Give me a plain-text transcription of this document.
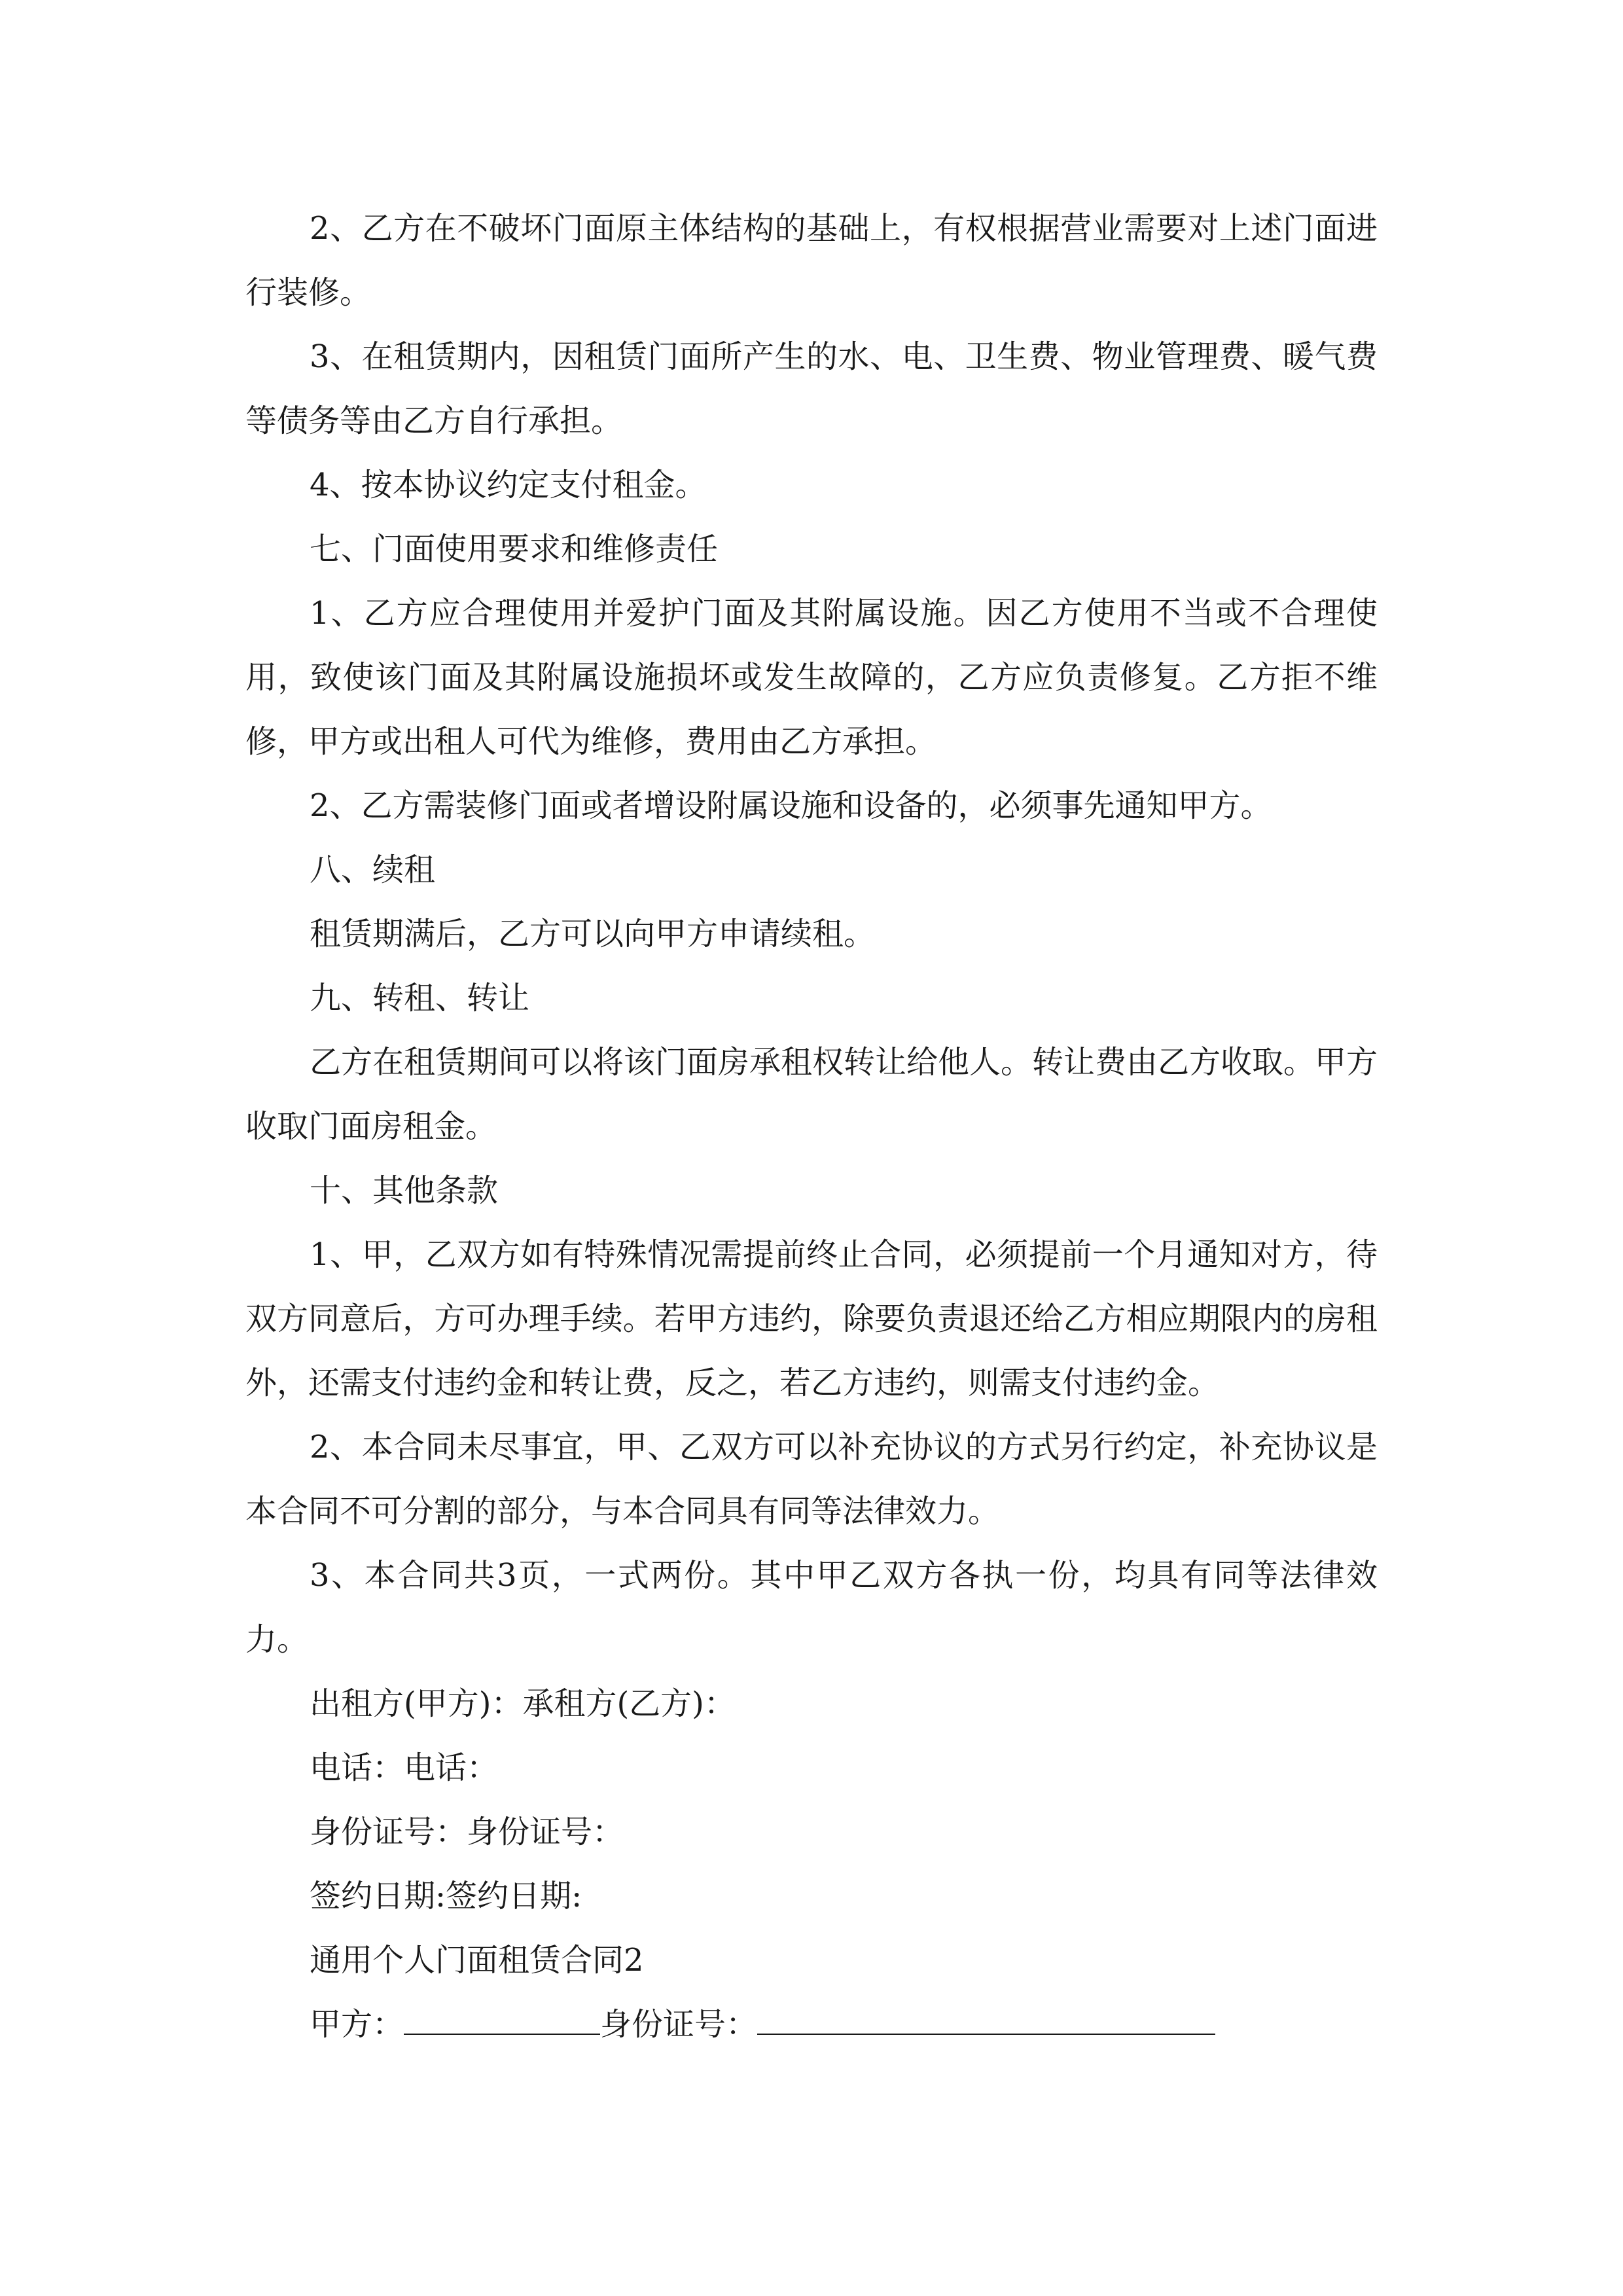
2、乙方在不破坏门面原主体结构的基础上，有权根据营业需要对上述门面进行装修。

3、在租赁期内，因租赁门面所产生的水、电、卫生费、物业管理费、暖气费等债务等由乙方自行承担。

4、按本协议约定支付租金。

七、门面使用要求和维修责任

1、乙方应合理使用并爱护门面及其附属设施。因乙方使用不当或不合理使用，致使该门面及其附属设施损坏或发生故障的，乙方应负责修复。乙方拒不维修，甲方或出租人可代为维修，费用由乙方承担。

2、乙方需装修门面或者增设附属设施和设备的，必须事先通知甲方。

八、续租

租赁期满后，乙方可以向甲方申请续租。

九、转租、转让

乙方在租赁期间可以将该门面房承租权转让给他人。转让费由乙方收取。甲方收取门面房租金。

十、其他条款

1、甲，乙双方如有特殊情况需提前终止合同，必须提前一个月通知对方，待双方同意后，方可办理手续。若甲方违约，除要负责退还给乙方相应期限内的房租外，还需支付违约金和转让费，反之，若乙方违约，则需支付违约金。

2、本合同未尽事宜，甲、乙双方可以补充协议的方式另行约定，补充协议是本合同不可分割的部分，与本合同具有同等法律效力。

3、本合同共3页，一式两份。其中甲乙双方各执一份，均具有同等法律效力。

出租方(甲方)：承租方(乙方)：

电话：电话：

身份证号：身份证号：

签约日期:签约日期:

通用个人门面租赁合同2

甲方：	身份证号：
